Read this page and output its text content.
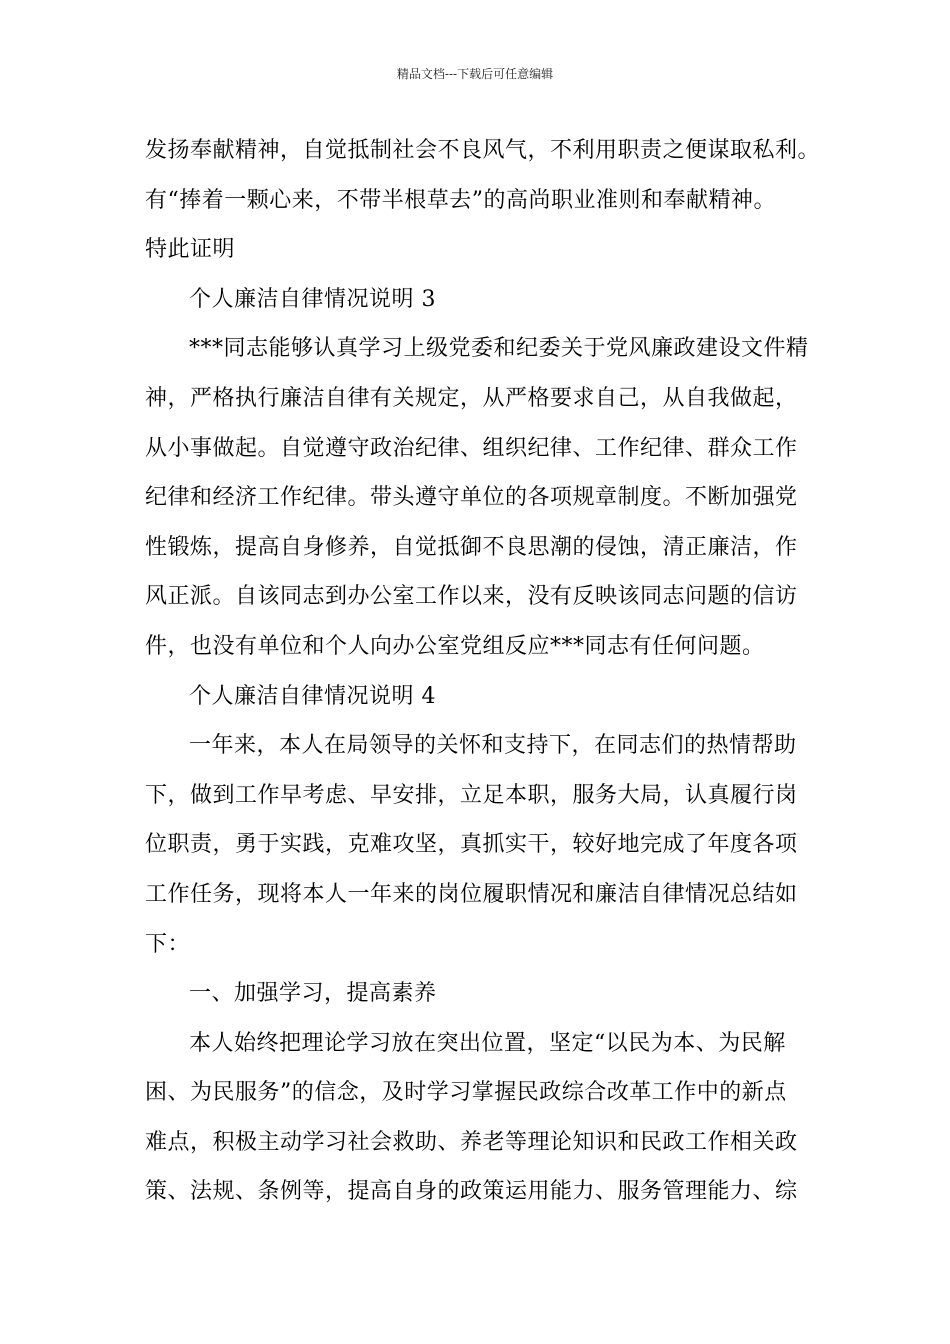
精品文档---下载后可任意编辑
发扬奉献精神，自觉抵制社会不良风气，不利用职责之便谋取私利。
有“捧着一颗心来，不带半根草去”的高尚职业准则和奉献精神。
特此证明
个人廉洁自律情况说明 3
***同志能够认真学习上级党委和纪委关于党风廉政建设文件精
神，严格执行廉洁自律有关规定，从严格要求自己，从自我做起，
从小事做起。自觉遵守政治纪律、组织纪律、工作纪律、群众工作
纪律和经济工作纪律。带头遵守单位的各项规章制度。不断加强党
性锻炼，提高自身修养，自觉抵御不良思潮的侵蚀，清正廉洁，作
风正派。自该同志到办公室工作以来，没有反映该同志问题的信访
件，也没有单位和个人向办公室党组反应***同志有任何问题。
个人廉洁自律情况说明 4
一年来，本人在局领导的关怀和支持下，在同志们的热情帮助
下，做到工作早考虑、早安排，立足本职，服务大局，认真履行岗
位职责，勇于实践，克难攻坚，真抓实干，较好地完成了年度各项
工作任务，现将本人一年来的岗位履职情况和廉洁自律情况总结如
下：
一、加强学习，提高素养
本人始终把理论学习放在突出位置，坚定“以民为本、为民解
困、为民服务”的信念，及时学习掌握民政综合改革工作中的新点
难点，积极主动学习社会救助、养老等理论知识和民政工作相关政
策、法规、条例等，提高自身的政策运用能力、服务管理能力、综
